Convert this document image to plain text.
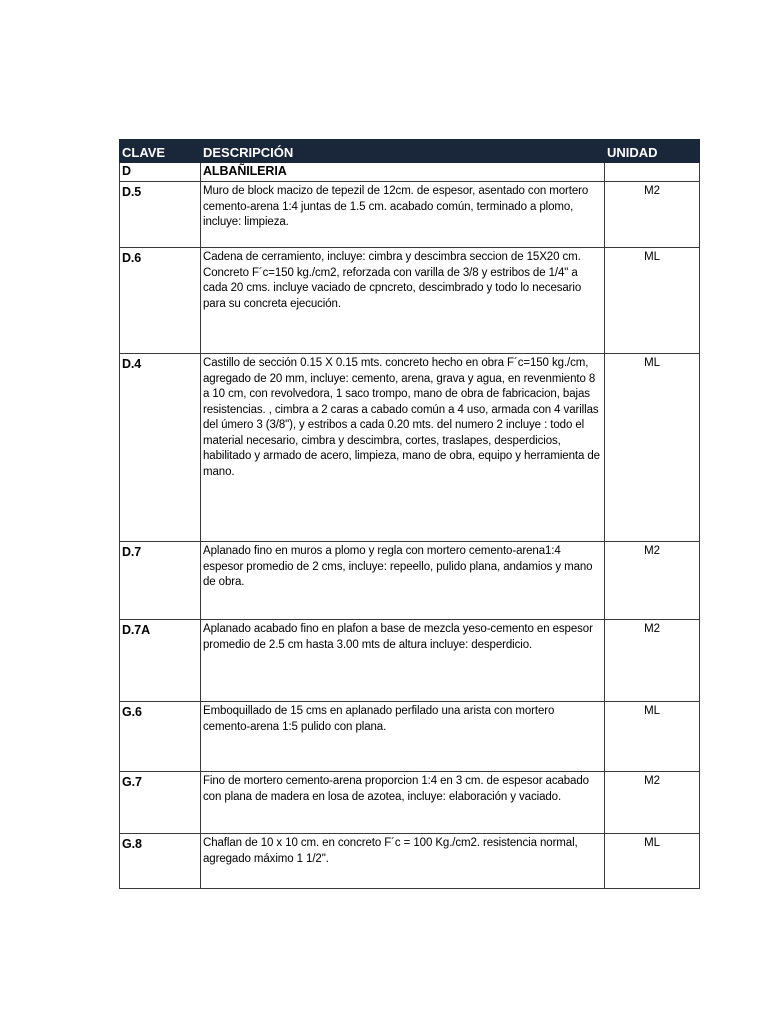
CLAVE	DESCRIPCIÓN	UNIDAD
D	ALBAÑILERIA	
D.5	Muro de block macizo de tepezil de 12cm. de espesor, asentado con mortero cemento-arena 1:4 juntas de 1.5 cm. acabado común, terminado a plomo, incluye: limpieza.	M2
D.6	Cadena de cerramiento, incluye: cimbra y descimbra seccion de 15X20 cm. Concreto F´c=150 kg./cm2, reforzada con varilla de 3/8 y estribos de 1/4" a cada 20 cms. incluye vaciado de cpncreto, descimbrado y todo lo necesario para su concreta ejecución.	ML
D.4	Castillo de sección 0.15 X 0.15 mts. concreto hecho en obra F´c=150 kg./cm, agregado de 20 mm, incluye: cemento, arena, grava y agua, en revenmiento 8 a 10 cm, con revolvedora, 1 saco trompo, mano de obra de fabricacion, bajas resistencias. , cimbra a 2 caras a cabado común a 4 uso, armada con 4 varillas del úmero 3 (3/8"), y estribos a cada 0.20 mts. del numero 2 incluye : todo el material necesario, cimbra y descimbra, cortes, traslapes, desperdicios, habilitado y armado de acero, limpieza, mano de obra, equipo y herramienta de mano.	ML
D.7	Aplanado fino en muros a plomo y regla con mortero cemento-arena1:4 espesor promedio de 2 cms, incluye: repeello, pulido plana, andamios y mano de obra.	M2
D.7A	Aplanado acabado fino en plafon a base de mezcla yeso-cemento en espesor promedio de 2.5 cm hasta 3.00 mts de altura incluye: desperdicio.	M2
G.6	Emboquillado de 15 cms en aplanado perfilado una arista con mortero cemento-arena 1:5 pulido con plana.	ML
G.7	Fino de mortero cemento-arena proporcion 1:4 en 3 cm. de espesor acabado con plana de madera en losa de azotea, incluye: elaboración y vaciado.	M2
G.8	Chaflan de 10 x 10 cm. en concreto F´c = 100 Kg./cm2. resistencia normal, agregado máximo 1 1/2".	ML
